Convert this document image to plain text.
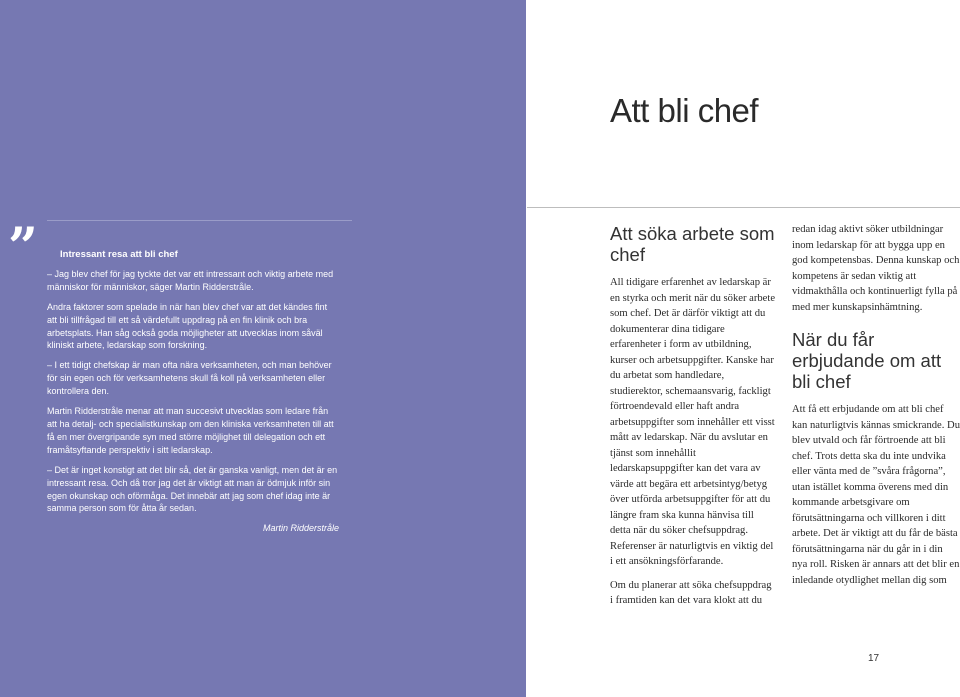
”	Intressant resa att bli chef

– Jag blev chef för jag tyckte det var ett intressant och viktig arbete med människor för människor, säger Martin Ridderstråle.

Andra faktorer som spelade in när han blev chef var att det kändes fint att bli tillfrågad till ett så värdefullt uppdrag på en fin klinik och bra arbetsplats. Han såg också goda möjligheter att utvecklas inom såväl kliniskt arbete, ledarskap som forskning.

– I ett tidigt chefskap är man ofta nära verksamheten, och man behöver för sin egen och för verksamhetens skull få koll på verksamheten eller kontrollera den.

Martin Ridderstråle menar att man succesivt utvecklas som ledare från att ha detalj- och specialistkunskap om den kliniska verksamheten till att få en mer övergripande syn med större möjlighet till delegation och ett framåtsyftande perspektiv i sitt ledarskap.

– Det är inget konstigt att det blir så, det är ganska vanligt, men det är en intressant resa. Och då tror jag det är viktigt att man är ödmjuk inför sin egen okunskap och oförmåga. Det innebär att jag som chef idag inte är samma person som för åtta år sedan.

Martin Ridderstråle
Att bli chef
Att söka arbete som chef

All tidigare erfarenhet av ledarskap är en styrka och merit när du söker arbete som chef. Det är därför viktigt att du dokumenterar dina tidigare erfarenheter i form av utbildning, kurser och arbetsuppgifter. Kanske har du arbetat som handledare, studierektor, schemaansvarig, fackligt förtroendevald eller haft andra arbetsuppgifter som innehåller ett visst mått av ledarskap. När du avslutar en tjänst som innehållit ledarskapsuppgifter kan det vara av värde att begära ett arbetsintyg/betyg över utförda arbetsuppgifter för att du längre fram ska kunna hänvisa till detta när du söker chefsuppdrag. Referenser är naturligtvis en viktig del i ett ansökningsförfarande.

Om du planerar att söka chefsuppdrag i framtiden kan det vara klokt att du

redan idag aktivt söker utbildningar inom ledarskap för att bygga upp en god kompetensbas. Denna kunskap och kompetens är sedan viktig att vidmakthålla och kontinuerligt fylla på med mer kunskapsinhämtning.

När du får erbjudande om att bli chef

Att få ett erbjudande om att bli chef kan naturligtvis kännas smickrande. Du blev utvald och får förtroende att bli chef. Trots detta ska du inte undvika eller vänta med de ”svåra frågorna”, utan istället komma överens med din kommande arbetsgivare om förutsättningarna och villkoren i ditt arbete. Det är viktigt att du får de bästa förutsättningarna när du går in i din nya roll. Risken är annars att det blir en inledande otydlighet mellan dig som

17
